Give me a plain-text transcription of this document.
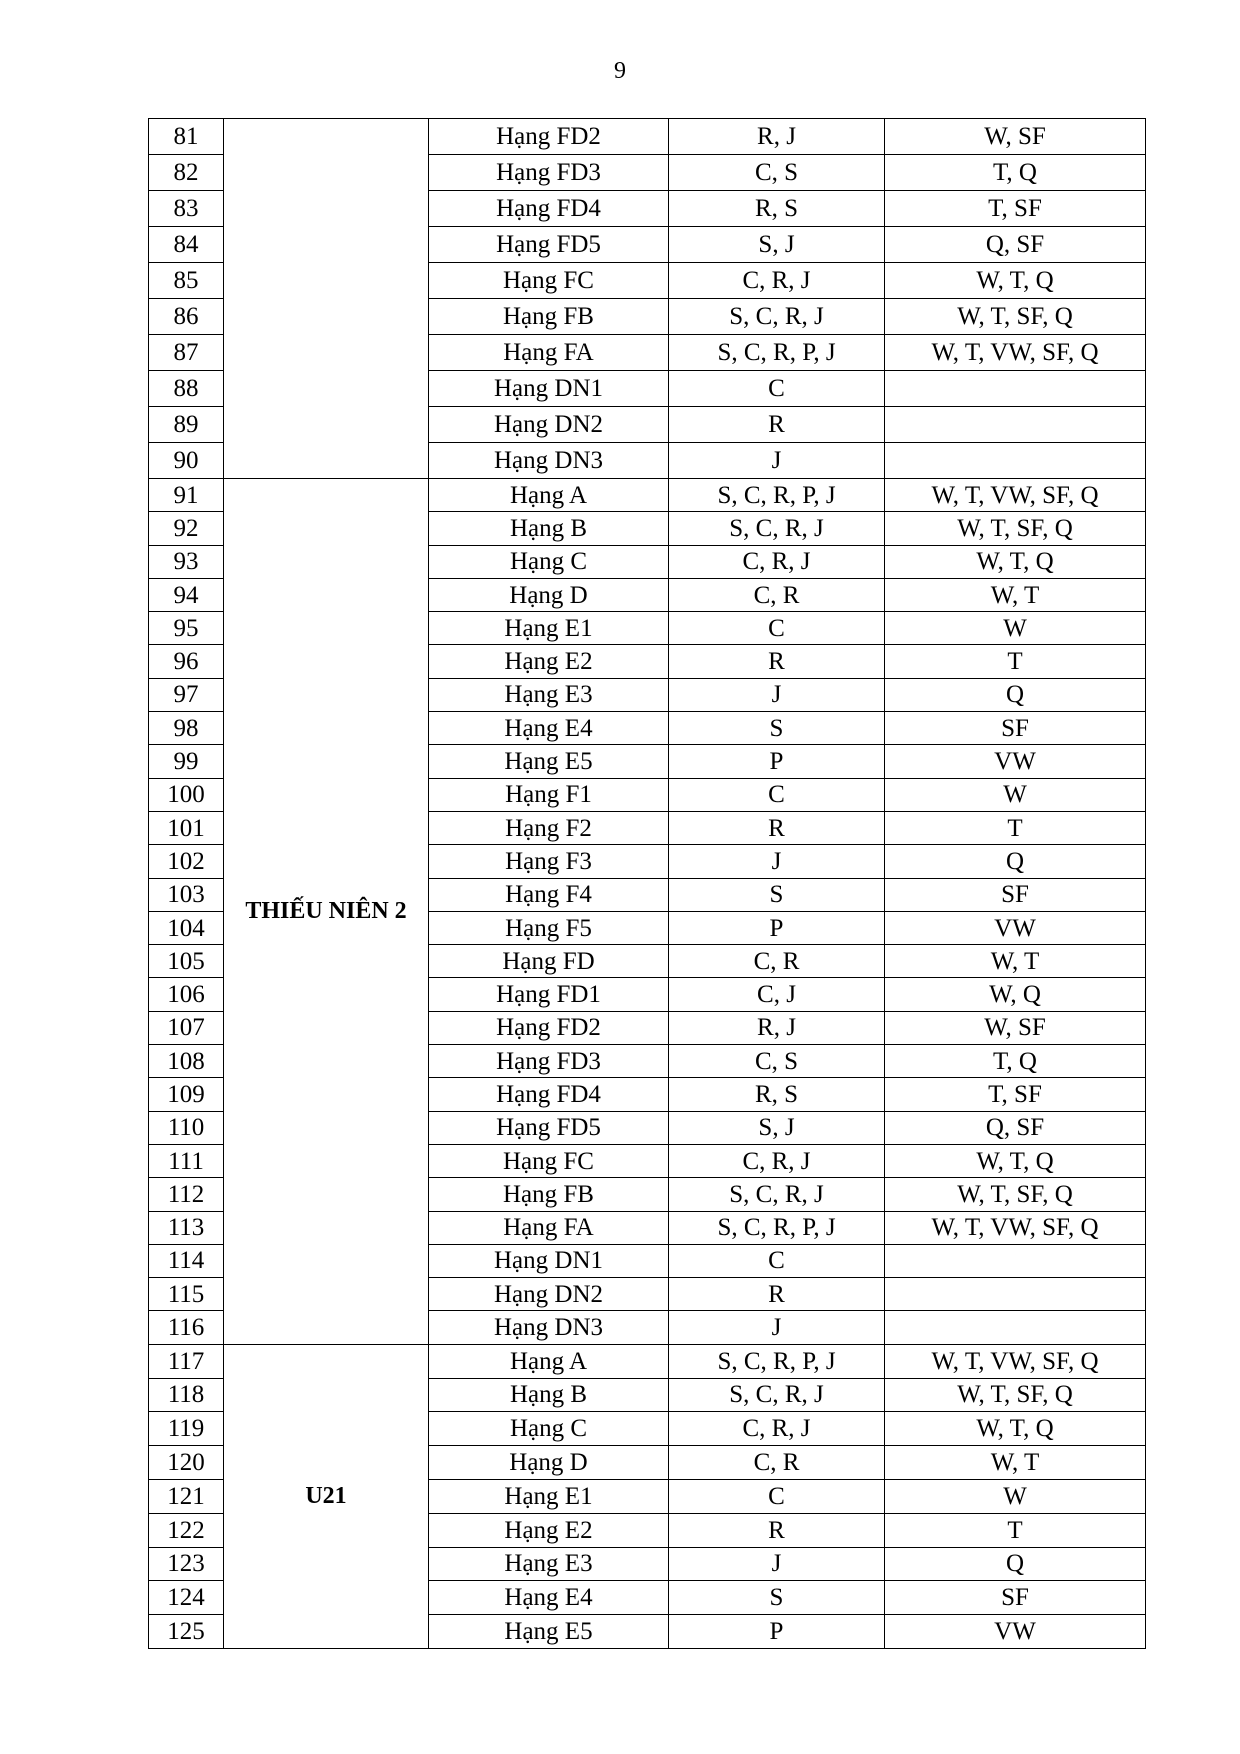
9
81		Hạng FD2	R, J	W, SF
82		Hạng FD3	C, S	T, Q
83		Hạng FD4	R, S	T, SF
84		Hạng FD5	S, J	Q, SF
85		Hạng FC	C, R, J	W, T, Q
86		Hạng FB	S, C, R, J	W, T, SF, Q
87		Hạng FA	S, C, R, P, J	W, T, VW, SF, Q
88		Hạng DN1	C	
89		Hạng DN2	R	
90		Hạng DN3	J	
91	THIẾU NIÊN 2	Hạng A	S, C, R, P, J	W, T, VW, SF, Q
92		Hạng B	S, C, R, J	W, T, SF, Q
93		Hạng C	C, R, J	W, T, Q
94		Hạng D	C, R	W, T
95		Hạng E1	C	W
96		Hạng E2	R	T
97		Hạng E3	J	Q
98		Hạng E4	S	SF
99		Hạng E5	P	VW
100		Hạng F1	C	W
101		Hạng F2	R	T
102		Hạng F3	J	Q
103		Hạng F4	S	SF
104		Hạng F5	P	VW
105		Hạng FD	C, R	W, T
106		Hạng FD1	C, J	W, Q
107		Hạng FD2	R, J	W, SF
108		Hạng FD3	C, S	T, Q
109		Hạng FD4	R, S	T, SF
110		Hạng FD5	S, J	Q, SF
111		Hạng FC	C, R, J	W, T, Q
112		Hạng FB	S, C, R, J	W, T, SF, Q
113		Hạng FA	S, C, R, P, J	W, T, VW, SF, Q
114		Hạng DN1	C	
115		Hạng DN2	R	
116		Hạng DN3	J	
117	U21	Hạng A	S, C, R, P, J	W, T, VW, SF, Q
118		Hạng B	S, C, R, J	W, T, SF, Q
119		Hạng C	C, R, J	W, T, Q
120		Hạng D	C, R	W, T
121		Hạng E1	C	W
122		Hạng E2	R	T
123		Hạng E3	J	Q
124		Hạng E4	S	SF
125		Hạng E5	P	VW
